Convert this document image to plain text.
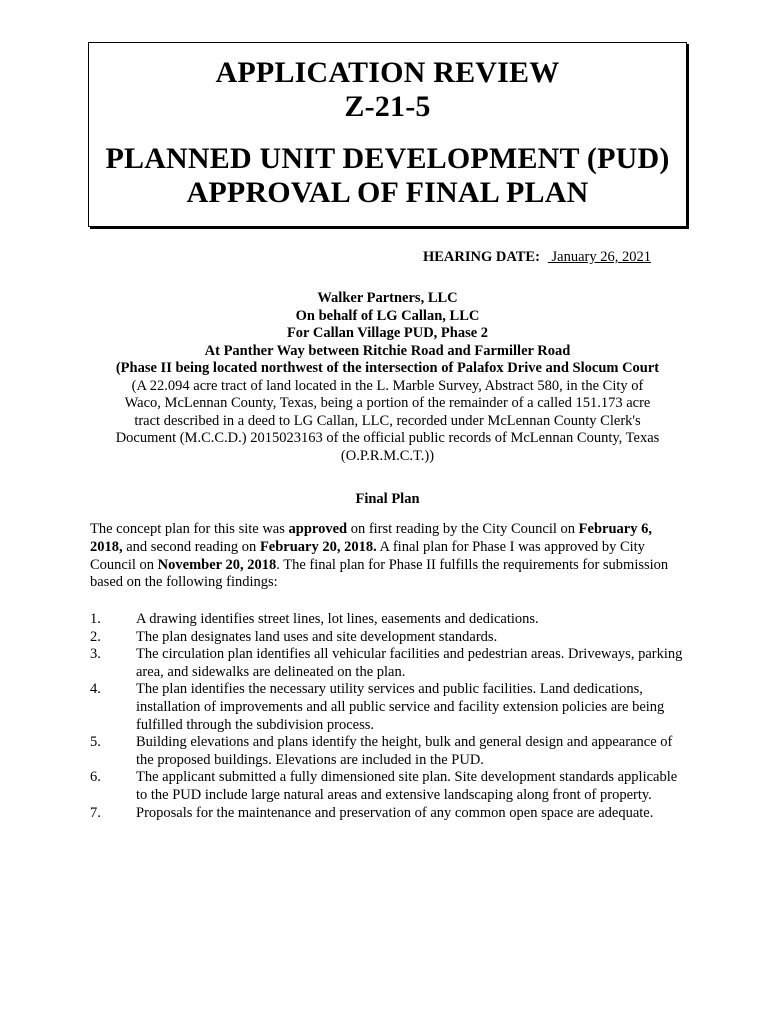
APPLICATION REVIEW
Z-21-5
PLANNED UNIT DEVELOPMENT (PUD)
APPROVAL OF FINAL PLAN
HEARING DATE: January 26, 2021
Walker Partners, LLC
On behalf of LG Callan, LLC
For Callan Village PUD, Phase 2
At Panther Way between Ritchie Road and Farmiller Road
(Phase II being located northwest of the intersection of Palafox Drive and Slocum Court
(A 22.094 acre tract of land located in the L. Marble Survey, Abstract 580, in the City of Waco, McLennan County, Texas, being a portion of the remainder of a called 151.173 acre tract described in a deed to LG Callan, LLC, recorded under McLennan County Clerk's Document (M.C.C.D.) 2015023163 of the official public records of McLennan County, Texas (O.P.R.M.C.T.))
Final Plan
The concept plan for this site was approved on first reading by the City Council on February 6, 2018, and second reading on February 20, 2018. A final plan for Phase I was approved by City Council on November 20, 2018. The final plan for Phase II fulfills the requirements for submission based on the following findings:
1. A drawing identifies street lines, lot lines, easements and dedications.
2. The plan designates land uses and site development standards.
3. The circulation plan identifies all vehicular facilities and pedestrian areas. Driveways, parking area, and sidewalks are delineated on the plan.
4. The plan identifies the necessary utility services and public facilities. Land dedications, installation of improvements and all public service and facility extension policies are being fulfilled through the subdivision process.
5. Building elevations and plans identify the height, bulk and general design and appearance of the proposed buildings. Elevations are included in the PUD.
6. The applicant submitted a fully dimensioned site plan. Site development standards applicable to the PUD include large natural areas and extensive landscaping along front of property.
7. Proposals for the maintenance and preservation of any common open space are adequate.
